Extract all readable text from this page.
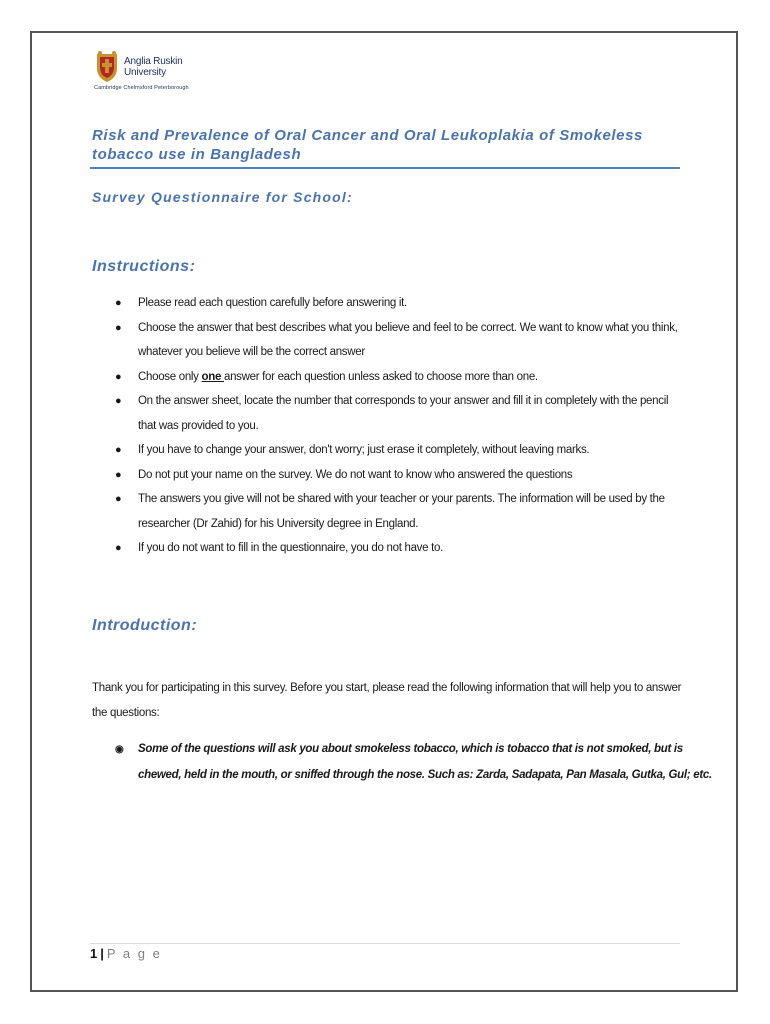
Anglia Ruskin
University
Cambridge Chelmsford Peterborough
Risk and Prevalence of Oral Cancer and Oral Leukoplakia of Smokeless tobacco use in Bangladesh
Survey Questionnaire for School:
Instructions:
● Please read each question carefully before answering it.
● Choose the answer that best describes what you believe and feel to be correct. We want to know what you think, whatever you believe will be the correct answer
● Choose only one answer for each question unless asked to choose more than one.
● On the answer sheet, locate the number that corresponds to your answer and fill it in completely with the pencil that was provided to you.
● If you have to change your answer, don't worry; just erase it completely, without leaving marks.
● Do not put your name on the survey. We do not want to know who answered the questions
● The answers you give will not be shared with your teacher or your parents. The information will be used by the researcher (Dr Zahid) for his University degree in England.
● If you do not want to fill in the questionnaire, you do not have to.
Introduction:

Thank you for participating in this survey. Before you start, please read the following information that will help you to answer the questions:

◉ Some of the questions will ask you about smokeless tobacco, which is tobacco that is not smoked, but is chewed, held in the mouth, or sniffed through the nose. Such as: Zarda, Sadapata, Pan Masala, Gutka, Gul; etc.

1 | P a g e
